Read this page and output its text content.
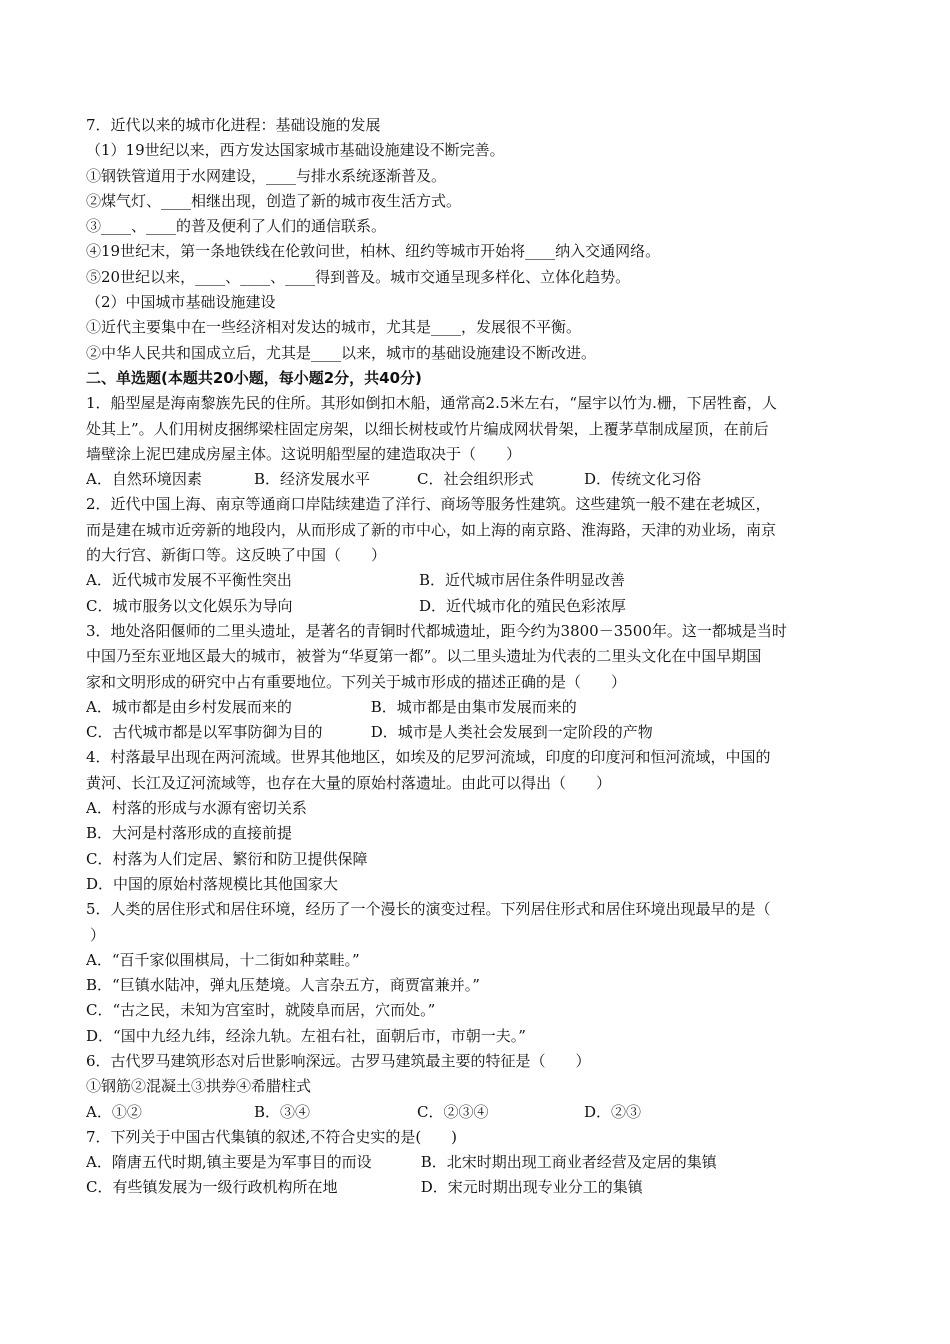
7．近代以来的城市化进程：基础设施的发展
（1）19世纪以来，西方发达国家城市基础设施建设不断完善。
①钢铁管道用于水网建设，____与排水系统逐渐普及。
②煤气灯、____相继出现，创造了新的城市夜生活方式。
③____、____的普及便利了人们的通信联系。
④19世纪末，第一条地铁线在伦敦问世，柏林、纽约等城市开始将____纳入交通网络。
⑤20世纪以来，____、____、____得到普及。城市交通呈现多样化、立体化趋势。
（2）中国城市基础设施建设
①近代主要集中在一些经济相对发达的城市，尤其是____，发展很不平衡。
②中华人民共和国成立后，尤其是____以来，城市的基础设施建设不断改进。
二、单选题(本题共20小题，每小题2分，共40分)
1．船型屋是海南黎族先民的住所。其形如倒扣木船，通常高2.5米左右，“屋宇以竹为.栅，下居牲畜，人
处其上”。人们用树皮捆绑梁柱固定房架，以细长树枝或竹片编成网状骨架，上覆茅草制成屋顶，在前后
墙壁涂上泥巴建成房屋主体。这说明船型屋的建造取决于（　　）
A．自然环境因素	B．经济发展水平	C．社会组织形式	D．传统文化习俗
2．近代中国上海、南京等通商口岸陆续建造了洋行、商场等服务性建筑。这些建筑一般不建在老城区，
而是建在城市近旁新的地段内，从而形成了新的市中心，如上海的南京路、淮海路，天津的劝业场，南京
的大行宫、新街口等。这反映了中国（　　）
A．近代城市发展不平衡性突出	B．近代城市居住条件明显改善
C．城市服务以文化娱乐为导向	D．近代城市化的殖民色彩浓厚
3．地处洛阳偃师的二里头遗址，是著名的青铜时代都城遗址，距今约为3800－3500年。这一都城是当时
中国乃至东亚地区最大的城市，被誉为“华夏第一都”。以二里头遗址为代表的二里头文化在中国早期国
家和文明形成的研究中占有重要地位。下列关于城市形成的描述正确的是（　　）
A．城市都是由乡村发展而来的	B．城市都是由集市发展而来的
C．古代城市都是以军事防御为目的	D．城市是人类社会发展到一定阶段的产物
4．村落最早出现在两河流域。世界其他地区，如埃及的尼罗河流域，印度的印度河和恒河流域，中国的
黄河、长江及辽河流域等，也存在大量的原始村落遗址。由此可以得出（　　）
A．村落的形成与水源有密切关系
B．大河是村落形成的直接前提
C．村落为人们定居、繁衍和防卫提供保障
D．中国的原始村落规模比其他国家大
5．人类的居住形式和居住环境，经历了一个漫长的演变过程。下列居住形式和居住环境出现最早的是（
）
A．“百千家似围棋局，十二街如种菜畦。”
B．“巨镇水陆冲，弹丸压楚境。人言杂五方，商贾富兼并。”
C．“古之民，未知为宫室时，就陵阜而居，穴而处。”
D．“国中九经九纬，经涂九轨。左祖右社，面朝后市，市朝一夫。”
6．古代罗马建筑形态对后世影响深远。古罗马建筑最主要的特征是（　　）
①钢筋②混凝土③拱券④希腊柱式
A．①②	B．③④	C．②③④	D．②③
7．下列关于中国古代集镇的叙述,不符合史实的是(　　)
A．隋唐五代时期,镇主要是为军事目的而设	B．北宋时期出现工商业者经营及定居的集镇
C．有些镇发展为一级行政机构所在地	D．宋元时期出现专业分工的集镇
